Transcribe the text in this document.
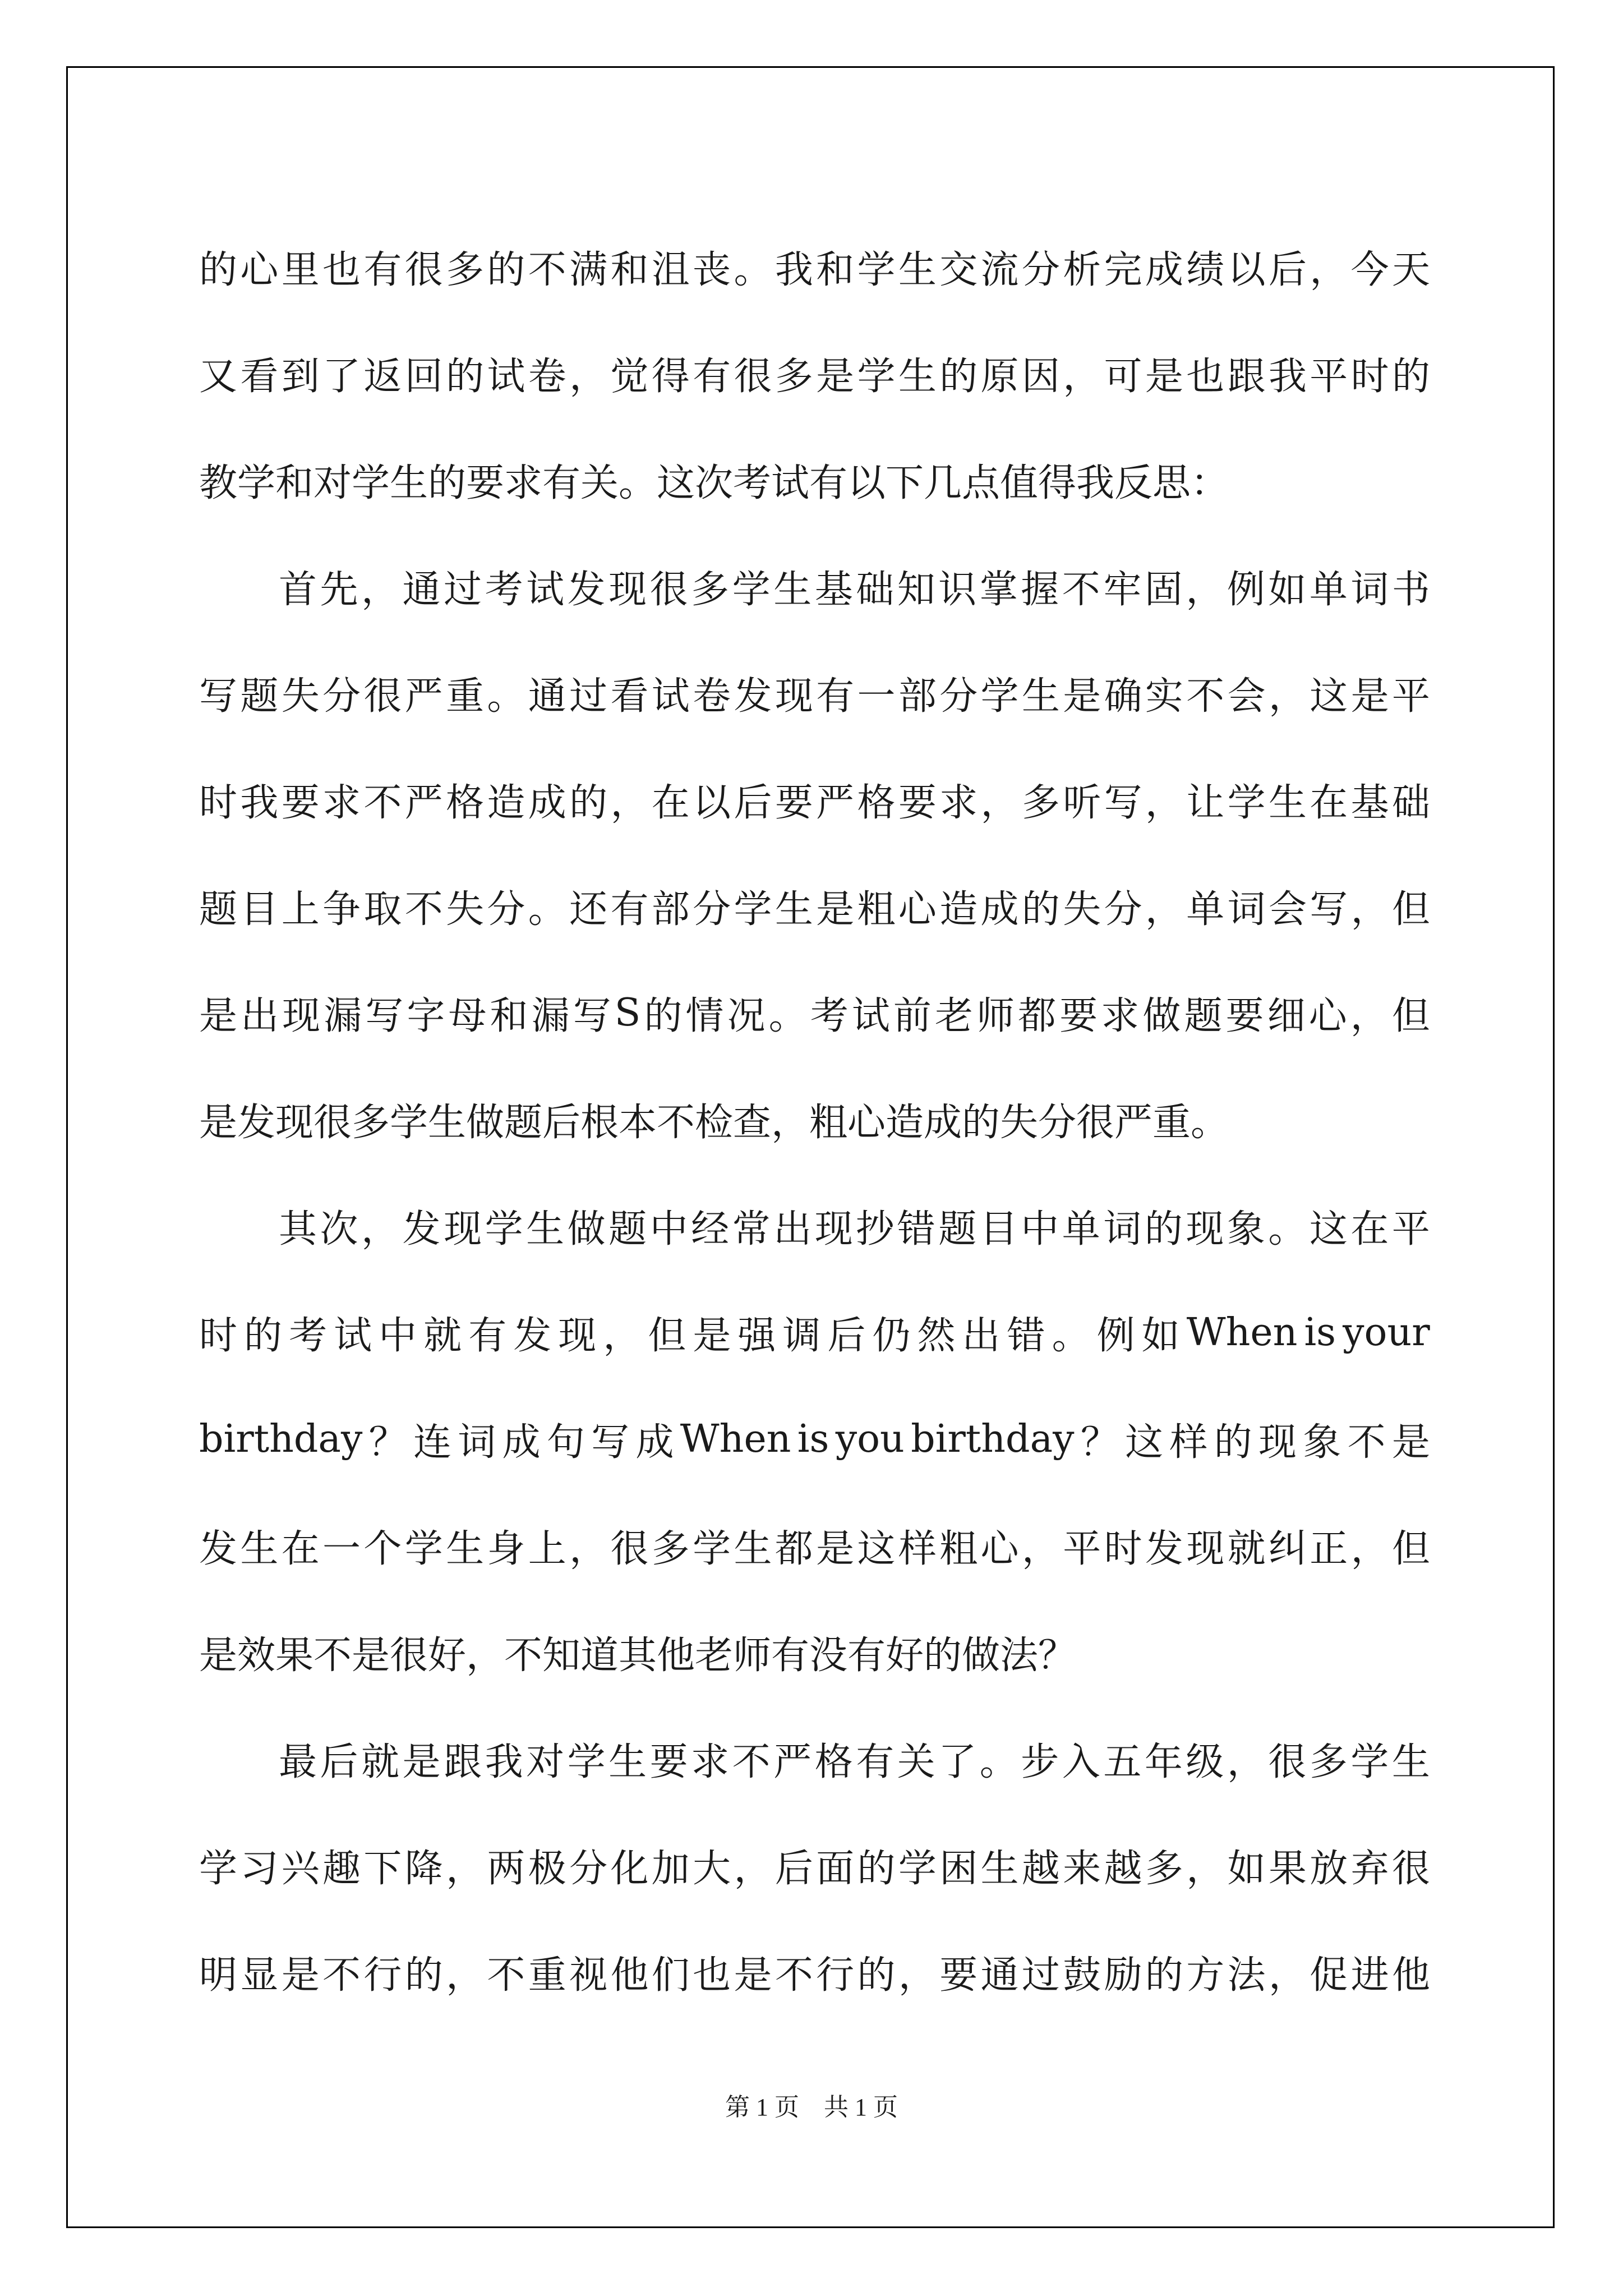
的 心 里 也 有 很 多 的 不 满 和 沮 丧 。 我 和 学 生 交 流 分 析 完 成 绩 以 后 ， 今 天
又 看 到 了 返 回 的 试 卷 ， 觉 得 有 很 多 是 学 生 的 原 因 ， 可 是 也 跟 我 平 时 的
教学和对学生的要求有关。这次考试有以下几点值得我反思：
首 先 ， 通 过 考 试 发 现 很 多 学 生 基 础 知 识 掌 握 不 牢 固 ， 例 如 单 词 书
写 题 失 分 很 严 重 。 通 过 看 试 卷 发 现 有 一 部 分 学 生 是 确 实 不 会 ， 这 是 平
时 我 要 求 不 严 格 造 成 的 ， 在 以 后 要 严 格 要 求 ， 多 听 写 ， 让 学 生 在 基 础
题 目 上 争 取 不 失 分 。 还 有 部 分 学 生 是 粗 心 造 成 的 失 分 ， 单 词 会 写 ， 但
是 出 现 漏 写 字 母 和 漏 写 S 的 情 况 。 考 试 前 老 师 都 要 求 做 题 要 细 心 ， 但
是发现很多学生做题后根本不检查，粗心造成的失分很严重。
其 次 ， 发 现 学 生 做 题 中 经 常 出 现 抄 错 题 目 中 单 词 的 现 象 。 这 在 平
时 的 考 试 中 就 有 发 现 ， 但 是 强 调 后 仍 然 出 错 。 例 如 When is your
birthday ？ 连 词 成 句 写 成 When is you birthday ？ 这 样 的 现 象 不 是
发 生 在 一 个 学 生 身 上 ， 很 多 学 生 都 是 这 样 粗 心 ， 平 时 发 现 就 纠 正 ， 但
是效果不是很好，不知道其他老师有没有好的做法？
最 后 就 是 跟 我 对 学 生 要 求 不 严 格 有 关 了 。 步 入 五 年 级 ， 很 多 学 生
学 习 兴 趣 下 降 ， 两 极 分 化 加 大 ， 后 面 的 学 困 生 越 来 越 多 ， 如 果 放 弃 很
明 显 是 不 行 的 ， 不 重 视 他 们 也 是 不 行 的 ， 要 通 过 鼓 励 的 方 法 ， 促 进 他
第 1 页　共 1 页
